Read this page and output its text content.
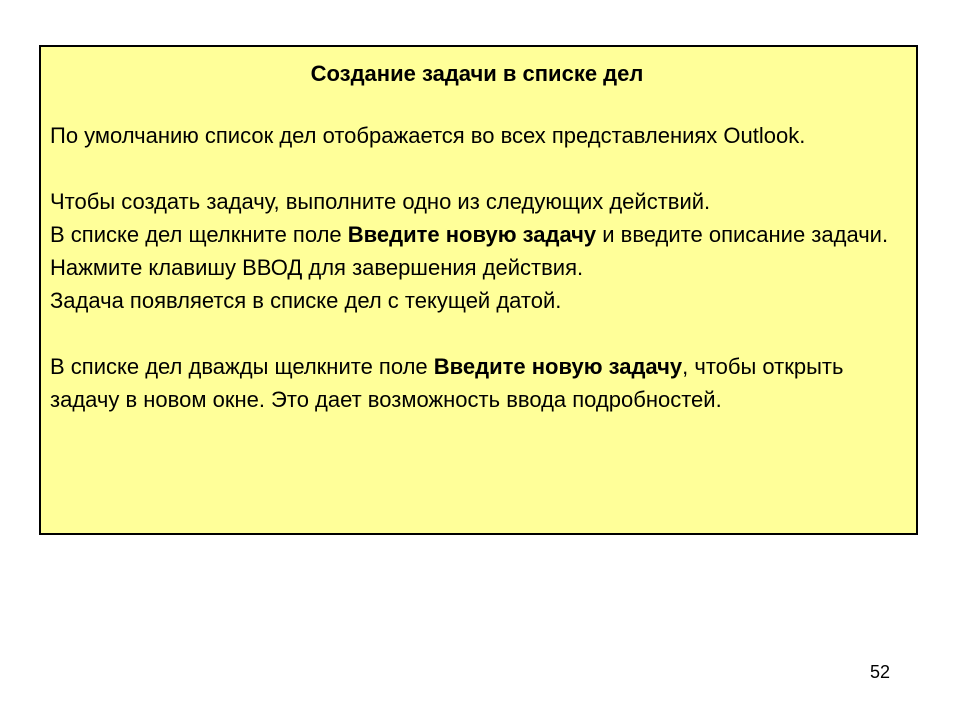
Создание задачи в списке дел

По умолчанию список дел отображается во всех представлениях Outlook.

Чтобы создать задачу, выполните одно из следующих действий.

В списке дел щелкните поле Введите новую задачу и введите описание задачи. Нажмите клавишу ВВОД для завершения действия.

Задача появляется в списке дел с текущей датой.

В списке дел дважды щелкните поле Введите новую задачу, чтобы открыть задачу в новом окне. Это дает возможность ввода подробностей.

52
